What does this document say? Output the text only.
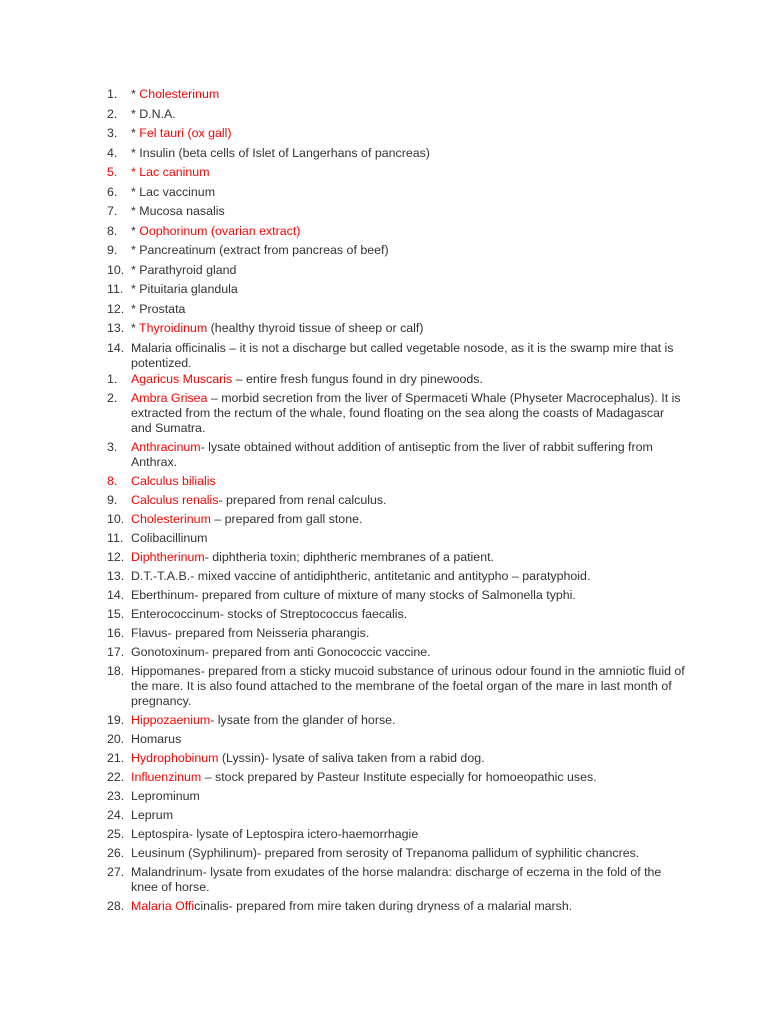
1. * Cholesterinum
2. * D.N.A.
3. * Fel tauri (ox gall)
4. * Insulin (beta cells of Islet of Langerhans of pancreas)
5. * Lac caninum
6. * Lac vaccinum
7. * Mucosa nasalis
8. * Oophorinum (ovarian extract)
9. * Pancreatinum (extract from pancreas of beef)
10. * Parathyroid gland
11. * Pituitaria glandula
12. * Prostata
13. * Thyroidinum (healthy thyroid tissue of sheep or calf)
14. Malaria officinalis – it is not a discharge but called vegetable nosode, as it is the swamp mire that is potentized.
1. Agaricus Muscaris – entire fresh fungus found in dry pinewoods.
2. Ambra Grisea – morbid secretion from the liver of Spermaceti Whale (Physeter Macrocephalus). It is extracted from the rectum of the whale, found floating on the sea along the coasts of Madagascar and Sumatra.
3. Anthracinum- lysate obtained without addition of antiseptic from the liver of rabbit suffering from Anthrax.
8. Calculus bilialis
9. Calculus renalis- prepared from renal calculus.
10. Cholesterinum – prepared from gall stone.
11. Colibacillinum
12. Diphtherinum- diphtheria toxin; diphtheric membranes of a patient.
13. D.T.-T.A.B.- mixed vaccine of antidiphtheric, antitetanic and antitypho – paratyphoid.
14. Eberthinum- prepared from culture of mixture of many stocks of Salmonella typhi.
15. Enterococcinum- stocks of Streptococcus faecalis.
16. Flavus- prepared from Neisseria pharangis.
17. Gonotoxinum- prepared from anti Gonococcic vaccine.
18. Hippomanes- prepared from a sticky mucoid substance of urinous odour found in the amniotic fluid of the mare. It is also found attached to the membrane of the foetal organ of the mare in last month of pregnancy.
19. Hippozaenium- lysate from the glander of horse.
20. Homarus
21. Hydrophobinum (Lyssin)- lysate of saliva taken from a rabid dog.
22. Influenzinum – stock prepared by Pasteur Institute especially for homoeopathic uses.
23. Leprominum
24. Leprum
25. Leptospira- lysate of Leptospira ictero-haemorrhagie
26. Leusinum (Syphilinum)- prepared from serosity of Trepanoma pallidum of syphilitic chancres.
27. Malandrinum- lysate from exudates of the horse malandra: discharge of eczema in the fold of the knee of horse.
28. Malaria Officinalis- prepared from mire taken during dryness of a malarial marsh.
